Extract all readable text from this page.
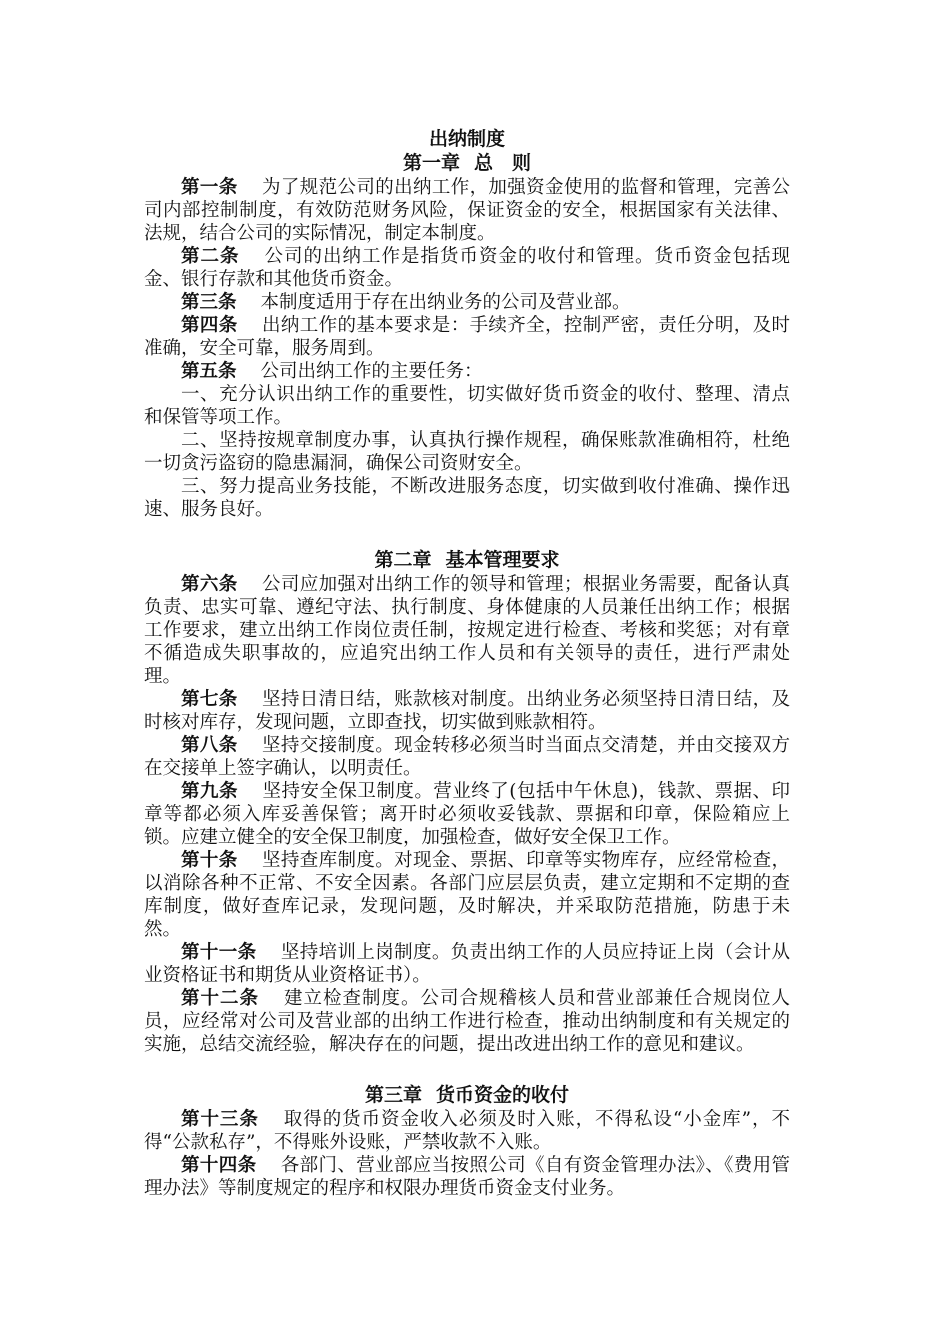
出纳制度
第一章 总　则

第一条 为了规范公司的出纳工作，加强资金使用的监督和管理，完善公司内部控制制度，有效防范财务风险，保证资金的安全，根据国家有关法律、法规，结合公司的实际情况，制定本制度。

第二条 公司的出纳工作是指货币资金的收付和管理。货币资金包括现金、银行存款和其他货币资金。

第三条 本制度适用于存在出纳业务的公司及营业部。

第四条 出纳工作的基本要求是：手续齐全，控制严密，责任分明，及时准确，安全可靠，服务周到。

第五条 公司出纳工作的主要任务：

一、充分认识出纳工作的重要性，切实做好货币资金的收付、整理、清点和保管等项工作。

二、坚持按规章制度办事，认真执行操作规程，确保账款准确相符，杜绝一切贪污盗窃的隐患漏洞，确保公司资财安全。

三、努力提高业务技能，不断改进服务态度，切实做到收付准确、操作迅速、服务良好。

第二章 基本管理要求

第六条 公司应加强对出纳工作的领导和管理；根据业务需要，配备认真负责、忠实可靠、遵纪守法、执行制度、身体健康的人员兼任出纳工作；根据工作要求，建立出纳工作岗位责任制，按规定进行检查、考核和奖惩；对有章不循造成失职事故的，应追究出纳工作人员和有关领导的责任，进行严肃处理。

第七条 坚持日清日结，账款核对制度。出纳业务必须坚持日清日结，及时核对库存，发现问题，立即查找，切实做到账款相符。

第八条 坚持交接制度。现金转移必须当时当面点交清楚，并由交接双方在交接单上签字确认，以明责任。

第九条 坚持安全保卫制度。营业终了(包括中午休息)，钱款、票据、印章等都必须入库妥善保管；离开时必须收妥钱款、票据和印章，保险箱应上锁。应建立健全的安全保卫制度，加强检查，做好安全保卫工作。

第十条 坚持查库制度。对现金、票据、印章等实物库存，应经常检查，以消除各种不正常、不安全因素。各部门应层层负责，建立定期和不定期的查库制度，做好查库记录，发现问题，及时解决，并采取防范措施，防患于未然。

第十一条 坚持培训上岗制度。负责出纳工作的人员应持证上岗（会计从业资格证书和期货从业资格证书）。

第十二条 建立检查制度。公司合规稽核人员和营业部兼任合规岗位人员，应经常对公司及营业部的出纳工作进行检查，推动出纳制度和有关规定的实施，总结交流经验，解决存在的问题，提出改进出纳工作的意见和建议。

第三章 货币资金的收付

第十三条 取得的货币资金收入必须及时入账，不得私设“小金库”，不得“公款私存”，不得账外设账，严禁收款不入账。

第十四条 各部门、营业部应当按照公司《自有资金管理办法》、《费用管理办法》等制度规定的程序和权限办理货币资金支付业务。
